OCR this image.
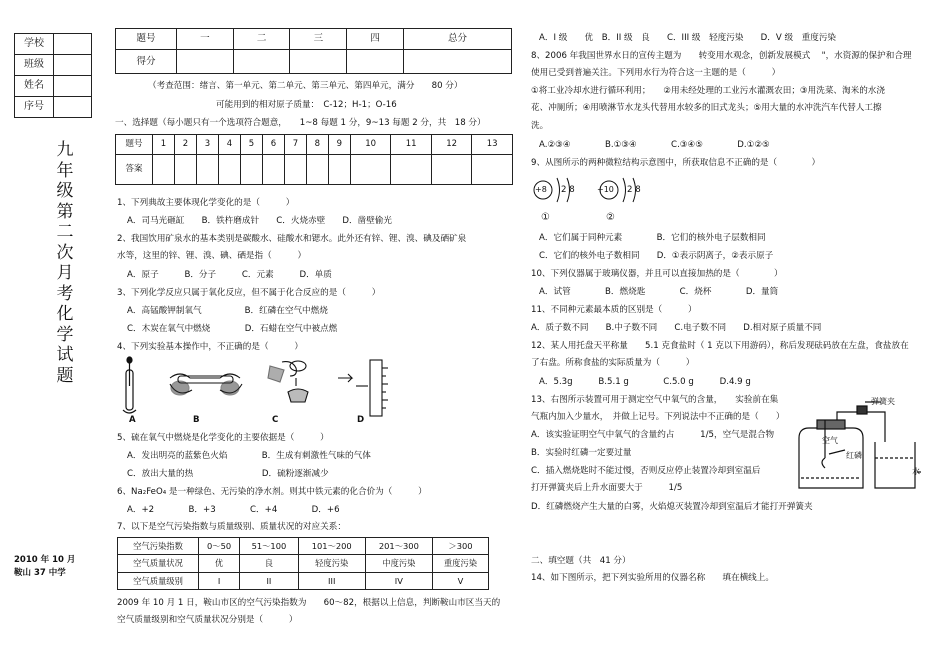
学校	
班级	
姓名	
序号	
九
年
级
第
二
次
月
考
化
学
试
题
2010 年 10 月
鞍山 37 中学
题号	一	二	三	四	总分
得分					
（考查范围：绪言、第一单元、第二单元、第三单元、第四单元，满分　　80 分）
可能用到的相对原子质量：　C-12；H-1；O-16
一、选择题（每小题只有一个选项符合题意，　　1~8 每题 1 分，9~13 每题 2 分，共　18 分）
题号	1	2	3	4	5	6	7	8	9	10	11	12	13
答案													
1、下列典故主要体现化学变化的是（　　　）
A．司马光砸缸　　B．铁杵磨成针　　C．火烧赤壁　　D．凿壁偷光
2、我国饮用矿泉水的基本类别是碳酸水、硅酸水和锶水。此外还有锌、锂、溴、碘及硒矿泉
水等，这里的锌、锂、溴、碘、硒是指（　　　）
A．原子　　　B．分子　　　C．元素　　　D．单质
3、下列化学反应只属于氧化反应，但不属于化合反应的是（　　　）
A．高锰酸钾制氧气　　　　　B．红磷在空气中燃烧
C．木炭在氧气中燃烧　　　　D．石蜡在空气中被点燃
4、下列实验基本操作中，不正确的是（　　　）
A	B	C	D
5、硫在氧气中燃烧是化学变化的主要依据是（　　　）
A．发出明亮的蓝紫色火焰　　　　B．生成有刺激性气味的气体
C．放出大量的热　　　　　　　　D．硫粉逐渐减少
6、Na₂FeO₄ 是一种绿色、无污染的净水剂。则其中铁元素的化合价为（　　　）
A．+2　　　　B．+3　　　　C．+4　　　　D．+6
7、以下是空气污染指数与质量级别、质量状况的对应关系：
空气污染指数	0～50	51～100	101～200	201～300	＞300
空气质量状况	优	良	轻度污染	中度污染	重度污染
空气质量级别	I	II	III	IV	V
2009 年 10 月 1 日，鞍山市区的空气污染指数为　　60～82，根据以上信息，判断鞍山市区当天的
空气质量级别和空气质量状况分别是（　　　）
A．I 级　　优　B．II 级　良　　C．III 级　轻度污染　　D．V 级　重度污染
8、2006 年我国世界水日的宣传主题为　　转变用水观念，创新发展模式　 "，水资源的保护和合理
使用已受到普遍关注。下列用水行为符合这一主题的是（　　　）
①将工业冷却水进行循环利用；　　②用未经处理的工业污水灌溉农田；③用洗菜、淘米的水浇
花、冲厕所；④用喷淋节水龙头代替用水较多的旧式龙头；⑤用大量的水冲洗汽车代替人工擦
洗。
A.②③④　　　　B.①③④　　　　C.③④⑤　　　　D.①②⑤
9、从图所示的两种微粒结构示意图中，所获取信息不正确的是（　　　　）
+8 2 8	+10 2 8
①	②
A．它们属于同种元素　　　　B．它们的核外电子层数相同
C．它们的核外电子数相同　　D．①表示阴离子，②表示原子
10、下列仪器属于玻璃仪器，并且可以直接加热的是（　　　　）
A．试管　　　　B．燃烧匙　　　　C．烧杯　　　　D．量筒
11、不同种元素最本质的区别是（　　　）
A．质子数不同　　B.中子数不同　　C.电子数不同　　D.相对原子质量不同
12、某人用托盘天平称量　　5.1 克食盐时（ 1 克以下用游码），称后发现砝码放在左盘，食盐放在
了右盘。所称食盐的实际质量为（　　　）
A．5.3g　　　B.5.1 g　　　　C.5.0 g　　　D.4.9 g
13、右图所示装置可用于测定空气中氧气的含量，　　实验前在集
气瓶内加入少量水，　并做上记号。下列说法中不正确的是（　　）
A．该实验证明空气中氧气的含量约占　　　1/5，空气是混合物
B．实验时红磷一定要过量
C．插入燃烧匙时不能过慢，否则反应停止装置冷却到室温后
打开弹簧夹后上升水面要大于　　　1/5
D．红磷燃烧产生大量的白雾，火焰熄灭装置冷却到室温后才能打开弹簧夹
弹簧夹
空气
红磷
水
二、填空题（共　41 分）
14、如下图所示，把下列实验所用的仪器名称　　填在横线上。
